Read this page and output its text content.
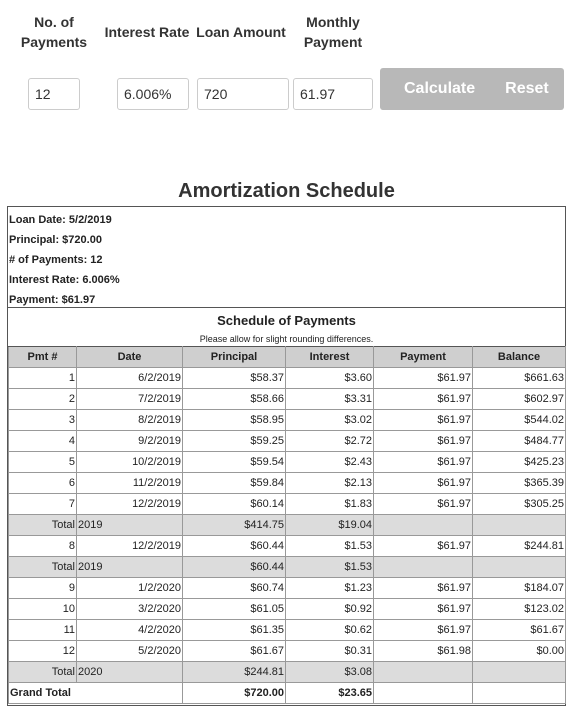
No. of
Payments
Interest Rate Loan Amount
Monthly
Payment
12
6.006%
720
61.97
Calculate Reset
Amortization Schedule
Loan Date: 5/2/2019
Principal: $720.00
# of Payments: 12
Interest Rate: 6.006%
Payment: $61.97
Schedule of Payments
Please allow for slight rounding differences.
Pmt #	Date	Principal	Interest	Payment	Balance
1	6/2/2019	$58.37	$3.60	$61.97	$661.63
2	7/2/2019	$58.66	$3.31	$61.97	$602.97
3	8/2/2019	$58.95	$3.02	$61.97	$544.02
4	9/2/2019	$59.25	$2.72	$61.97	$484.77
5	10/2/2019	$59.54	$2.43	$61.97	$425.23
6	11/2/2019	$59.84	$2.13	$61.97	$365.39
7	12/2/2019	$60.14	$1.83	$61.97	$305.25
Total	2019	$414.75	$19.04		
8	12/2/2019	$60.44	$1.53	$61.97	$244.81
Total	2019	$60.44	$1.53		
9	1/2/2020	$60.74	$1.23	$61.97	$184.07
10	3/2/2020	$61.05	$0.92	$61.97	$123.02
11	4/2/2020	$61.35	$0.62	$61.97	$61.67
12	5/2/2020	$61.67	$0.31	$61.98	$0.00
Total	2020	$244.81	$3.08		
Grand Total		$720.00	$23.65		
